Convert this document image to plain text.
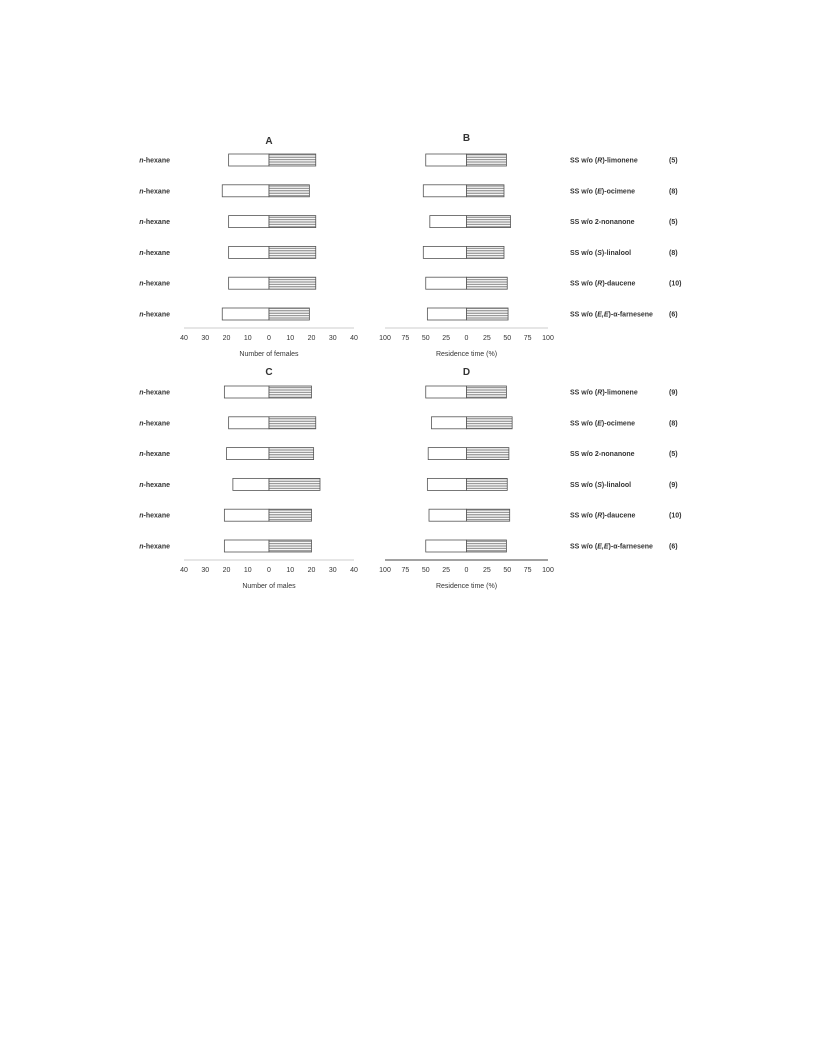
A
n-hexane	SS w/o (R)-limonene	(5)
n-hexane	SS w/o (E)-ocimene	(8)
n-hexane	SS w/o 2-nonanone	(5)
n-hexane	SS w/o (S)-linalool	(8)
n-hexane	SS w/o (R)-daucene	(10)
n-hexane	SS w/o (E,E)-α-farnesene (6)
40 30 20 10 0 10 20 30 40
Number of females
B
100 75 50 25 0 25 50 75 100
Residence time (%)
C
n-hexane	SS w/o (R)-limonene	(9)
n-hexane	SS w/o (E)-ocimene	(8)
n-hexane	SS w/o 2-nonanone	(5)
n-hexane	SS w/o (S)-linalool	(9)
n-hexane	SS w/o (R)-daucene	(10)
n-hexane	SS w/o (E,E)-α-farnesene (6)
40 30 20 10 0 10 20 30 40
Number of males
D
100 75 50 25 0 25 50 75 100
Residence time (%)
